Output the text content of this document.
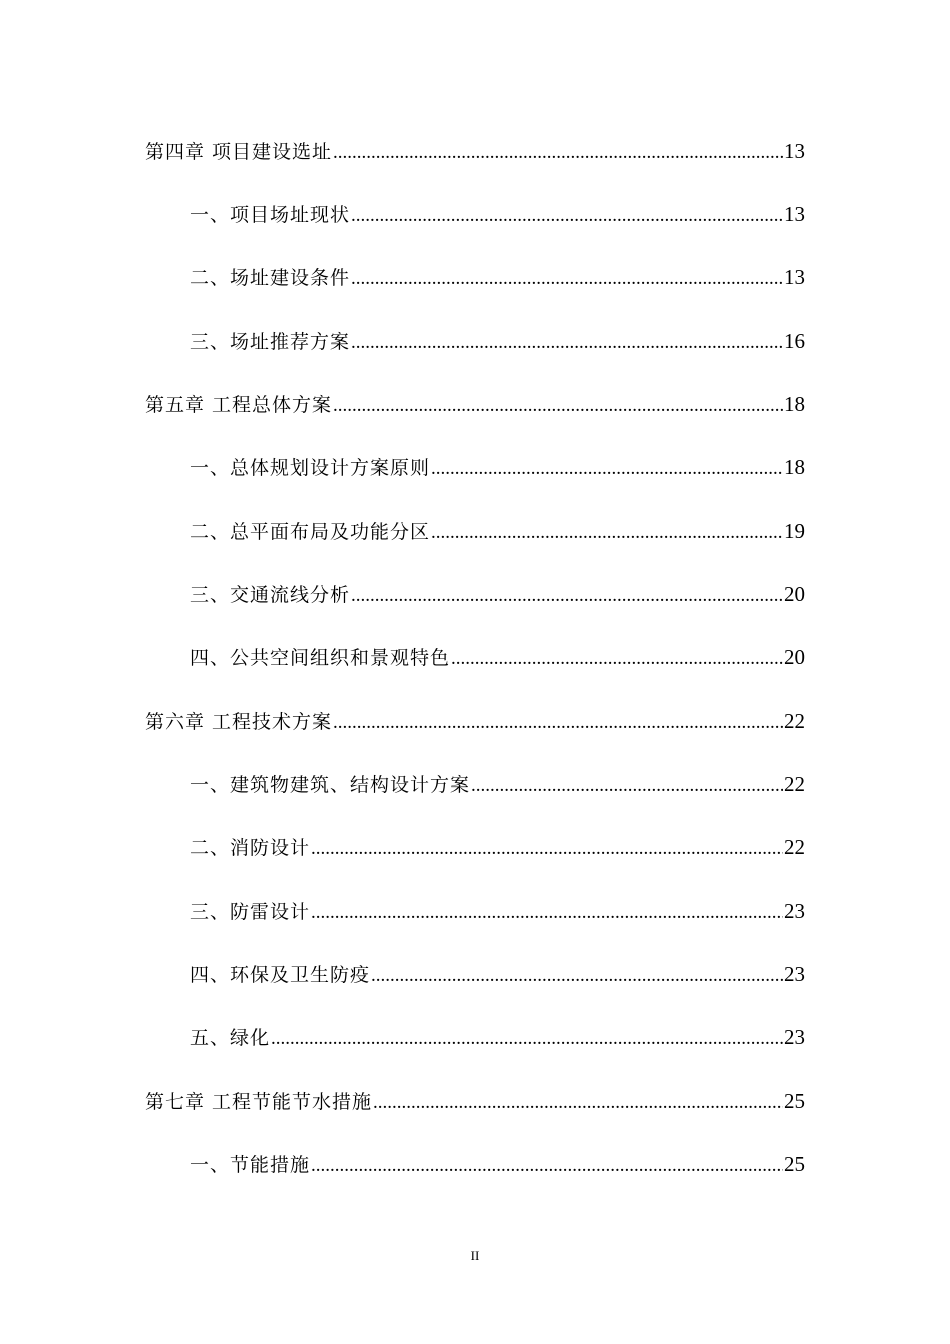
第四章 项目建设选址 .....	13
一、项目场址现状 .....	13
二、场址建设条件 .....	13
三、场址推荐方案 .....	16
第五章 工程总体方案 .....	18
一、总体规划设计方案原则 .....	18
二、总平面布局及功能分区 .....	19
三、交通流线分析 .....	20
四、公共空间组织和景观特色 .....	20
第六章 工程技术方案 .....	22
一、建筑物建筑、结构设计方案 .....	22
二、消防设计 .....	22
三、防雷设计 .....	23
四、环保及卫生防疫 .....	23
五、绿化 .....	23
第七章 工程节能节水措施 .....	25
一、节能措施 .....	25
II
